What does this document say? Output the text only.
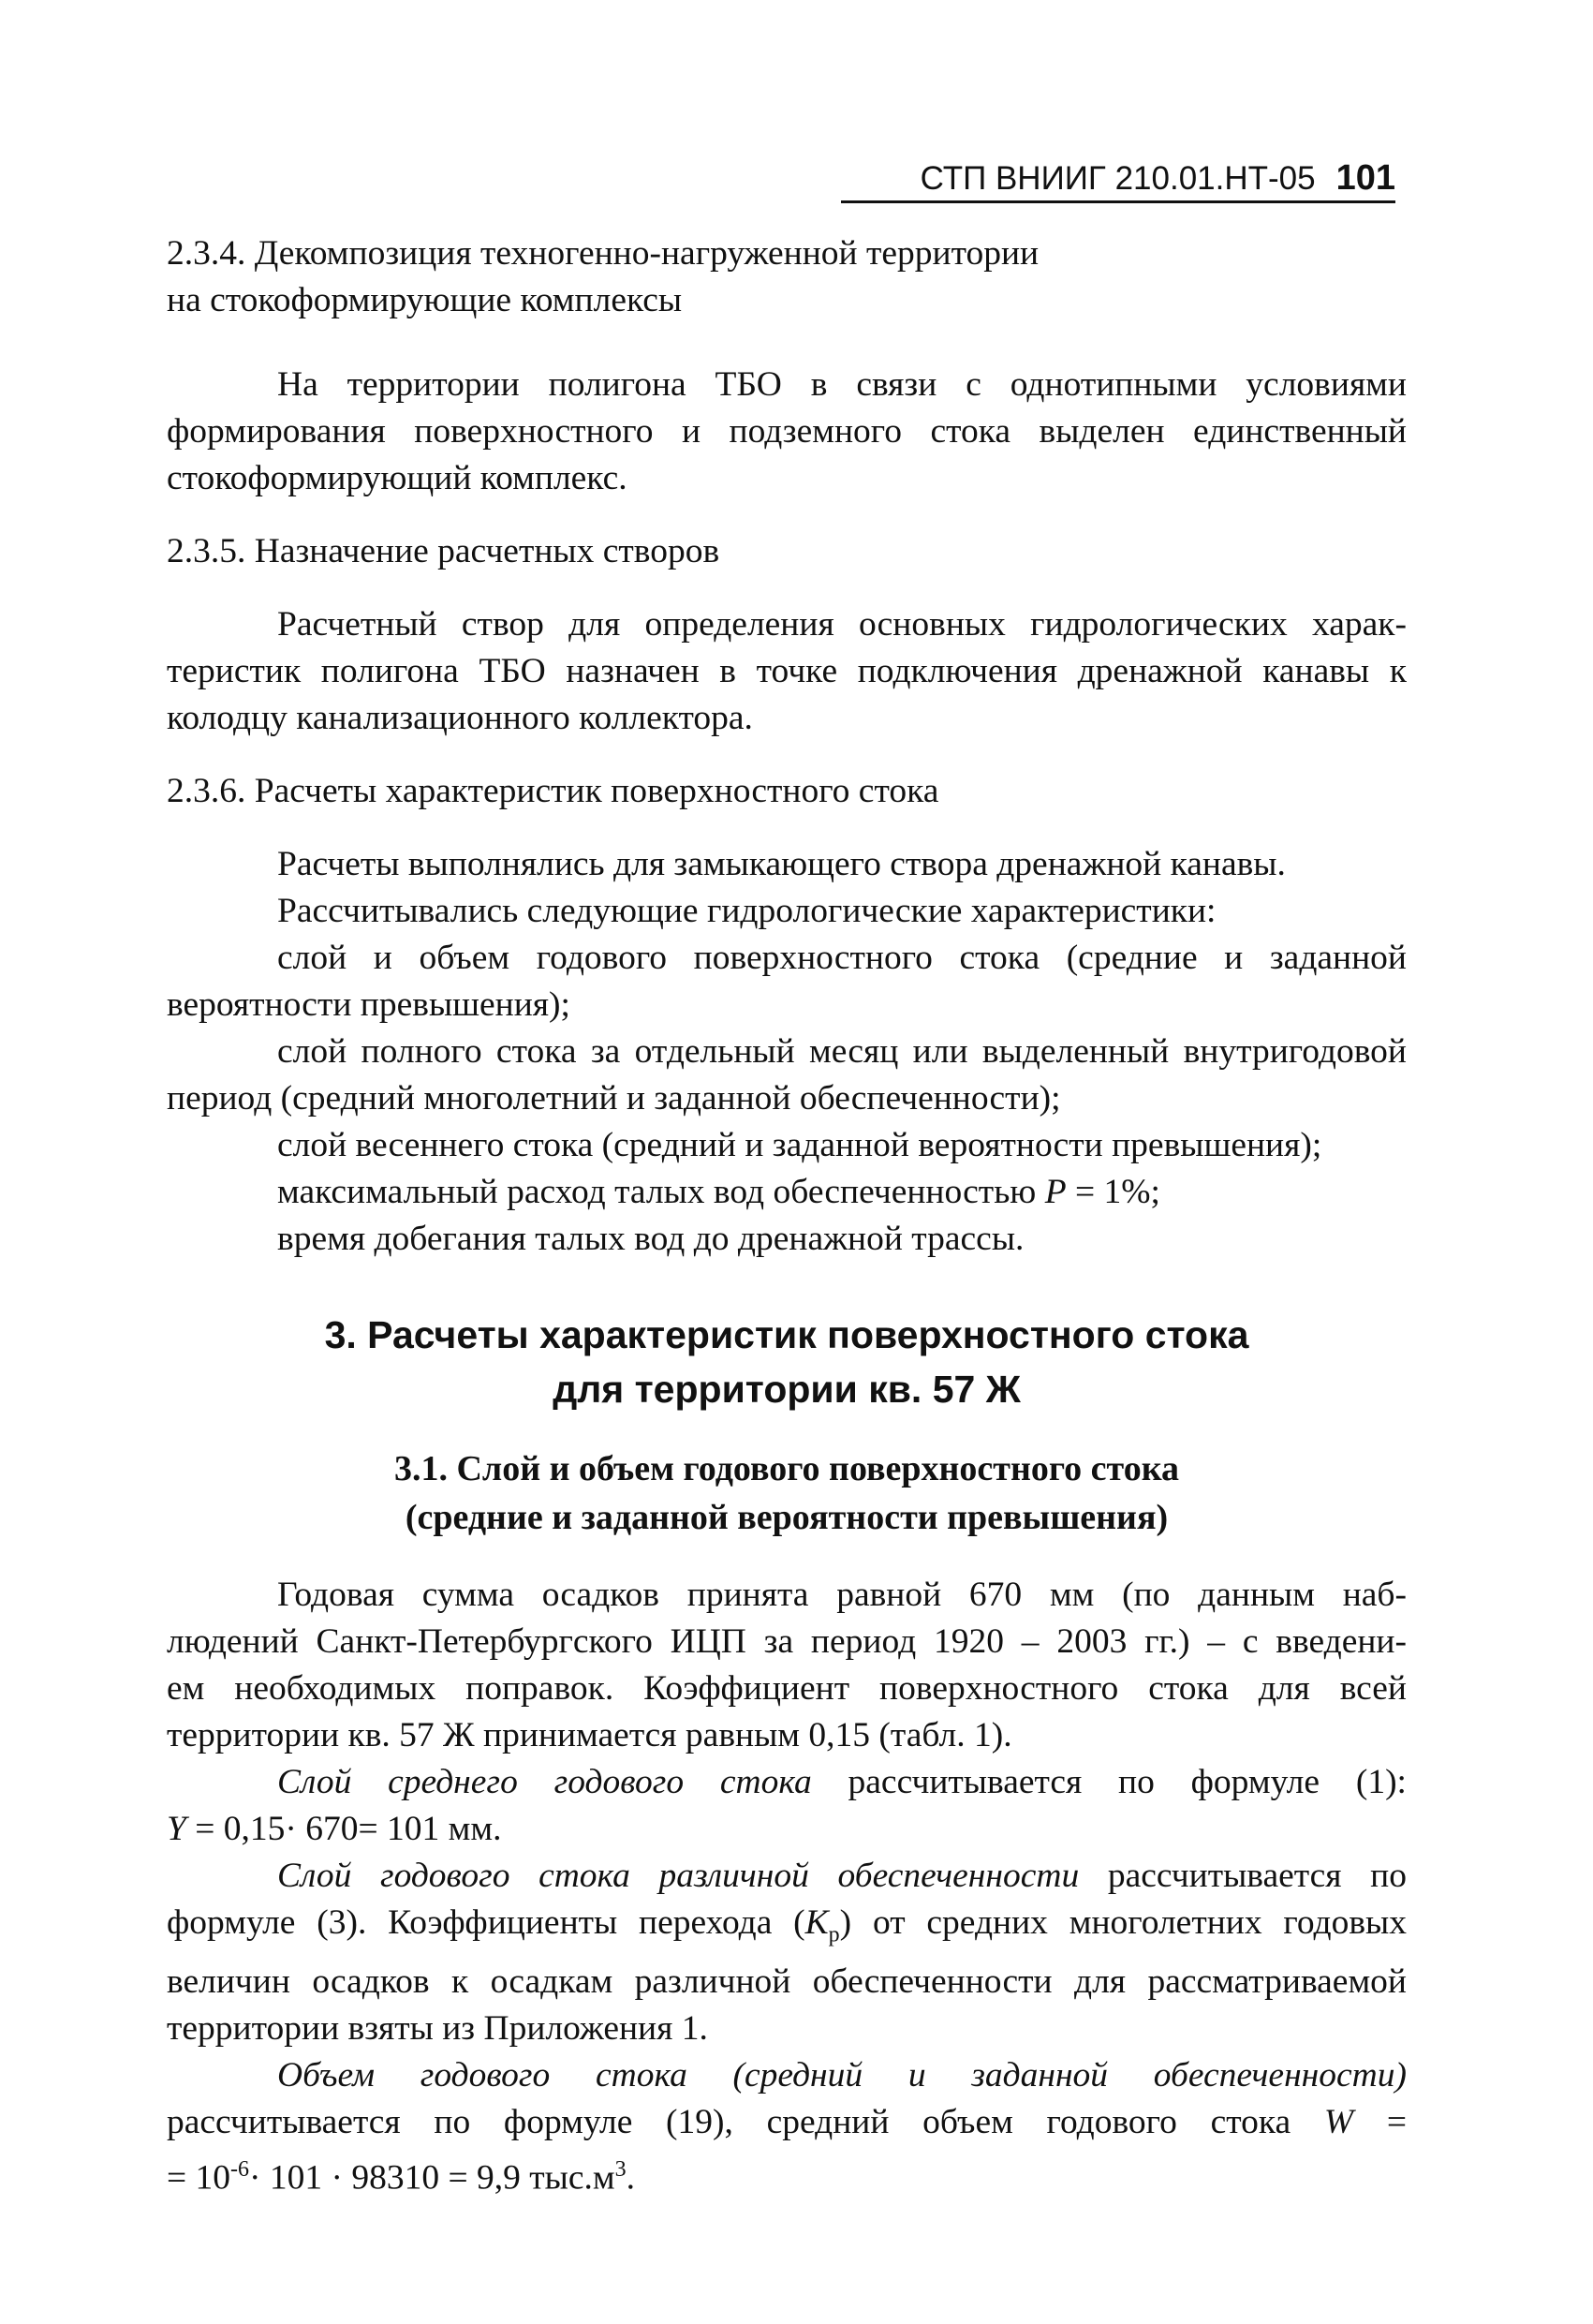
СТП ВНИИГ 210.01.НТ-05 101

2.3.4. Декомпозиция техногенно-нагруженной территории

на стокоформирующие комплексы

На территории полигона ТБО в связи с однотипными условиями

формирования поверхностного и подземного стока выделен единственный

стокоформирующий комплекс.

2.3.5. Назначение расчетных створов

Расчетный створ для определения основных гидрологических харак-

теристик полигона ТБО назначен в точке подключения дренажной канавы к

колодцу канализационного коллектора.

2.3.6. Расчеты характеристик поверхностного стока

Расчеты выполнялись для замыкающего створа дренажной канавы.

Рассчитывались следующие гидрологические характеристики:

слой и объем годового поверхностного стока (средние и заданной

вероятности превышения);

слой полного стока за отдельный месяц или выделенный внутригодовой

период (средний многолетний и заданной обеспеченности);

слой весеннего стока (средний и заданной вероятности превышения);

максимальный расход талых вод обеспеченностью P = 1%;

время добегания талых вод до дренажной трассы.

3. Расчеты характеристик поверхностного стока

для территории кв. 57 Ж

3.1. Слой и объем годового поверхностного стока

(средние и заданной вероятности превышения)

Годовая сумма осадков принята равной 670 мм (по данным наб-

людений Санкт-Петербургского ИЦП за период 1920 – 2003 гг.) – с введени-

ем необходимых поправок. Коэффициент поверхностного стока для всей

территории кв. 57 Ж принимается равным 0,15 (табл. 1).

Слой среднего годового стока рассчитывается по формуле (1):

Y = 0,15· 670= 101 мм.

Слой годового стока различной обеспеченности рассчитывается по

формуле (3). Коэффициенты перехода $(K_р)$ от средних многолетних годовых

величин осадков к осадкам различной обеспеченности для рассматриваемой

территории взяты из Приложения 1.

Объем годового стока (средний и заданной обеспеченности)

рассчитывается по формуле (19), средний объем годового стока W =

= $10^{-6}\cdot 101 \cdot 98310 = 9,9$ $тыс.м^3$.
